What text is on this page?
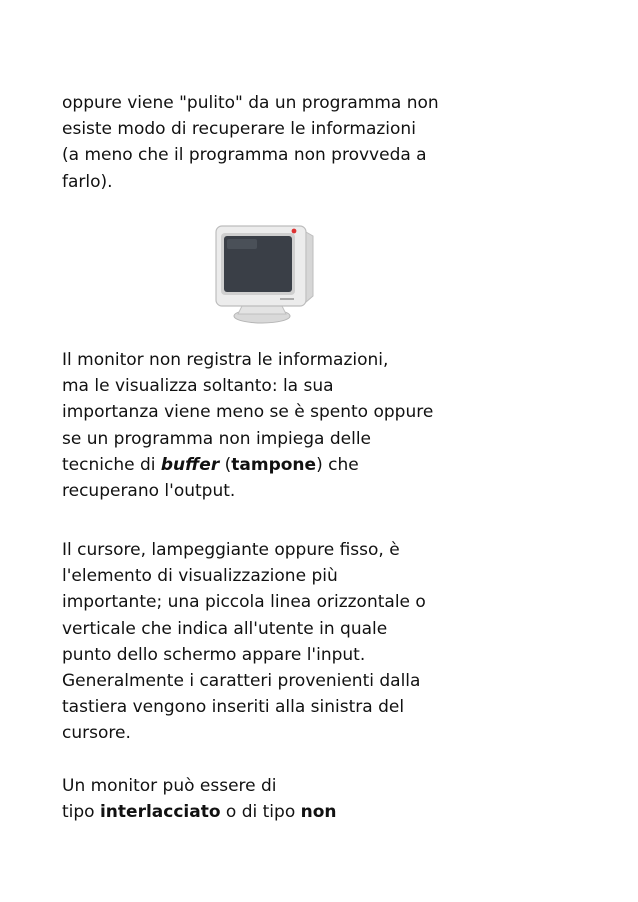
oppure viene "pulito" da un programma non
esiste modo di recuperare le informazioni
(a meno che il programma non provveda a
farlo).
Il monitor non registra le informazioni,
ma le visualizza soltanto: la sua
importanza viene meno se è spento oppure
se un programma non impiega delle
tecniche di buffer (tampone) che
recuperano l'output.
Il cursore, lampeggiante oppure fisso, è
l'elemento di visualizzazione più
importante; una piccola linea orizzontale o
verticale che indica all'utente in quale
punto dello schermo appare l'input.
Generalmente i caratteri provenienti dalla
tastiera vengono inseriti alla sinistra del
cursore.
Un monitor può essere di
tipo interlacciato o di tipo non
